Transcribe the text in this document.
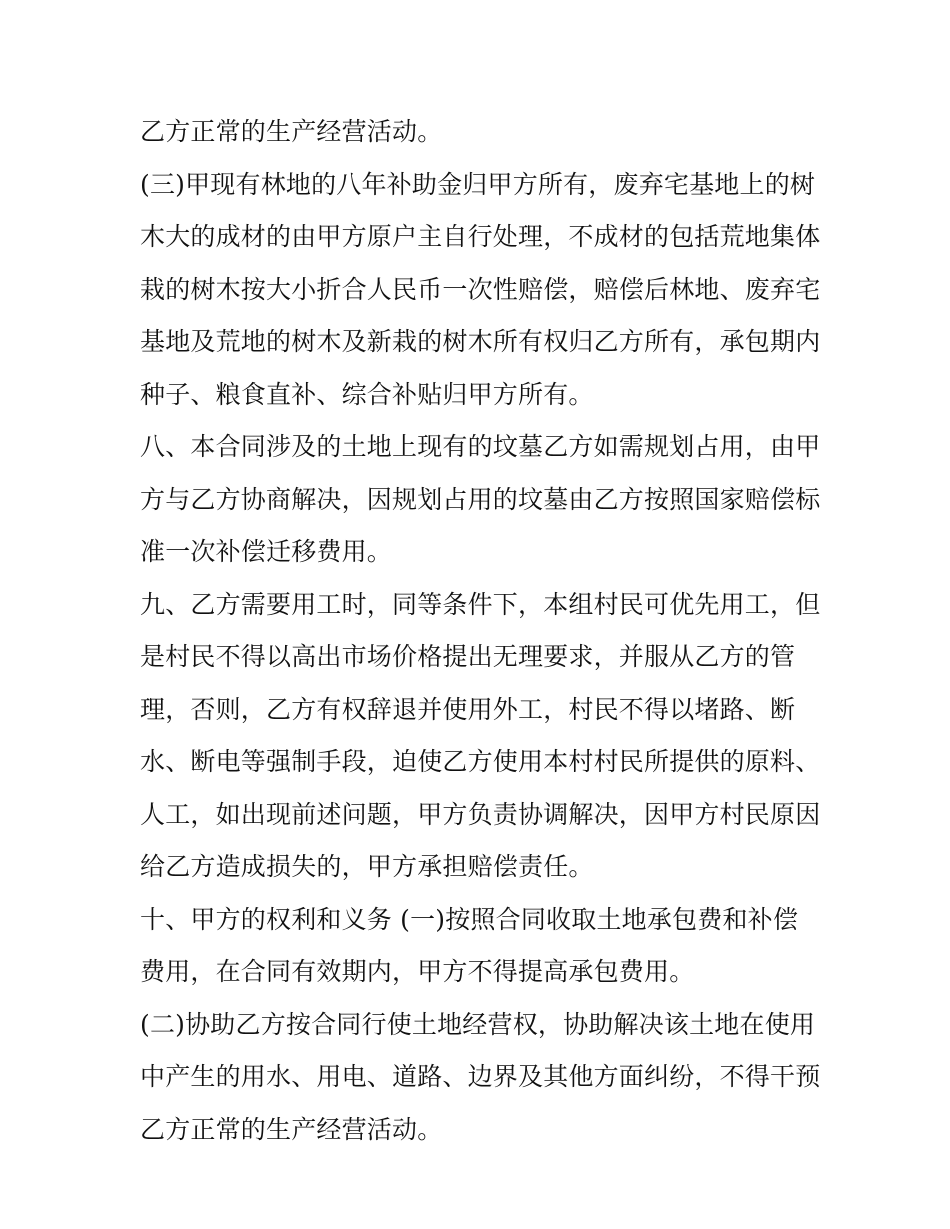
乙方正常的生产经营活动。
(三)甲现有林地的八年补助金归甲方所有，废弃宅基地上的树
木大的成材的由甲方原户主自行处理，不成材的包括荒地集体
栽的树木按大小折合人民币一次性赔偿，赔偿后林地、废弃宅
基地及荒地的树木及新栽的树木所有权归乙方所有，承包期内
种子、粮食直补、综合补贴归甲方所有。
八、本合同涉及的土地上现有的坟墓乙方如需规划占用，由甲
方与乙方协商解决，因规划占用的坟墓由乙方按照国家赔偿标
准一次补偿迁移费用。
九、乙方需要用工时，同等条件下，本组村民可优先用工，但
是村民不得以高出市场价格提出无理要求，并服从乙方的管
理，否则，乙方有权辞退并使用外工，村民不得以堵路、断
水、断电等强制手段，迫使乙方使用本村村民所提供的原料、
人工，如出现前述问题，甲方负责协调解决，因甲方村民原因
给乙方造成损失的，甲方承担赔偿责任。
十、甲方的权利和义务 (一)按照合同收取土地承包费和补偿
费用，在合同有效期内，甲方不得提高承包费用。
(二)协助乙方按合同行使土地经营权，协助解决该土地在使用
中产生的用水、用电、道路、边界及其他方面纠纷，不得干预
乙方正常的生产经营活动。
